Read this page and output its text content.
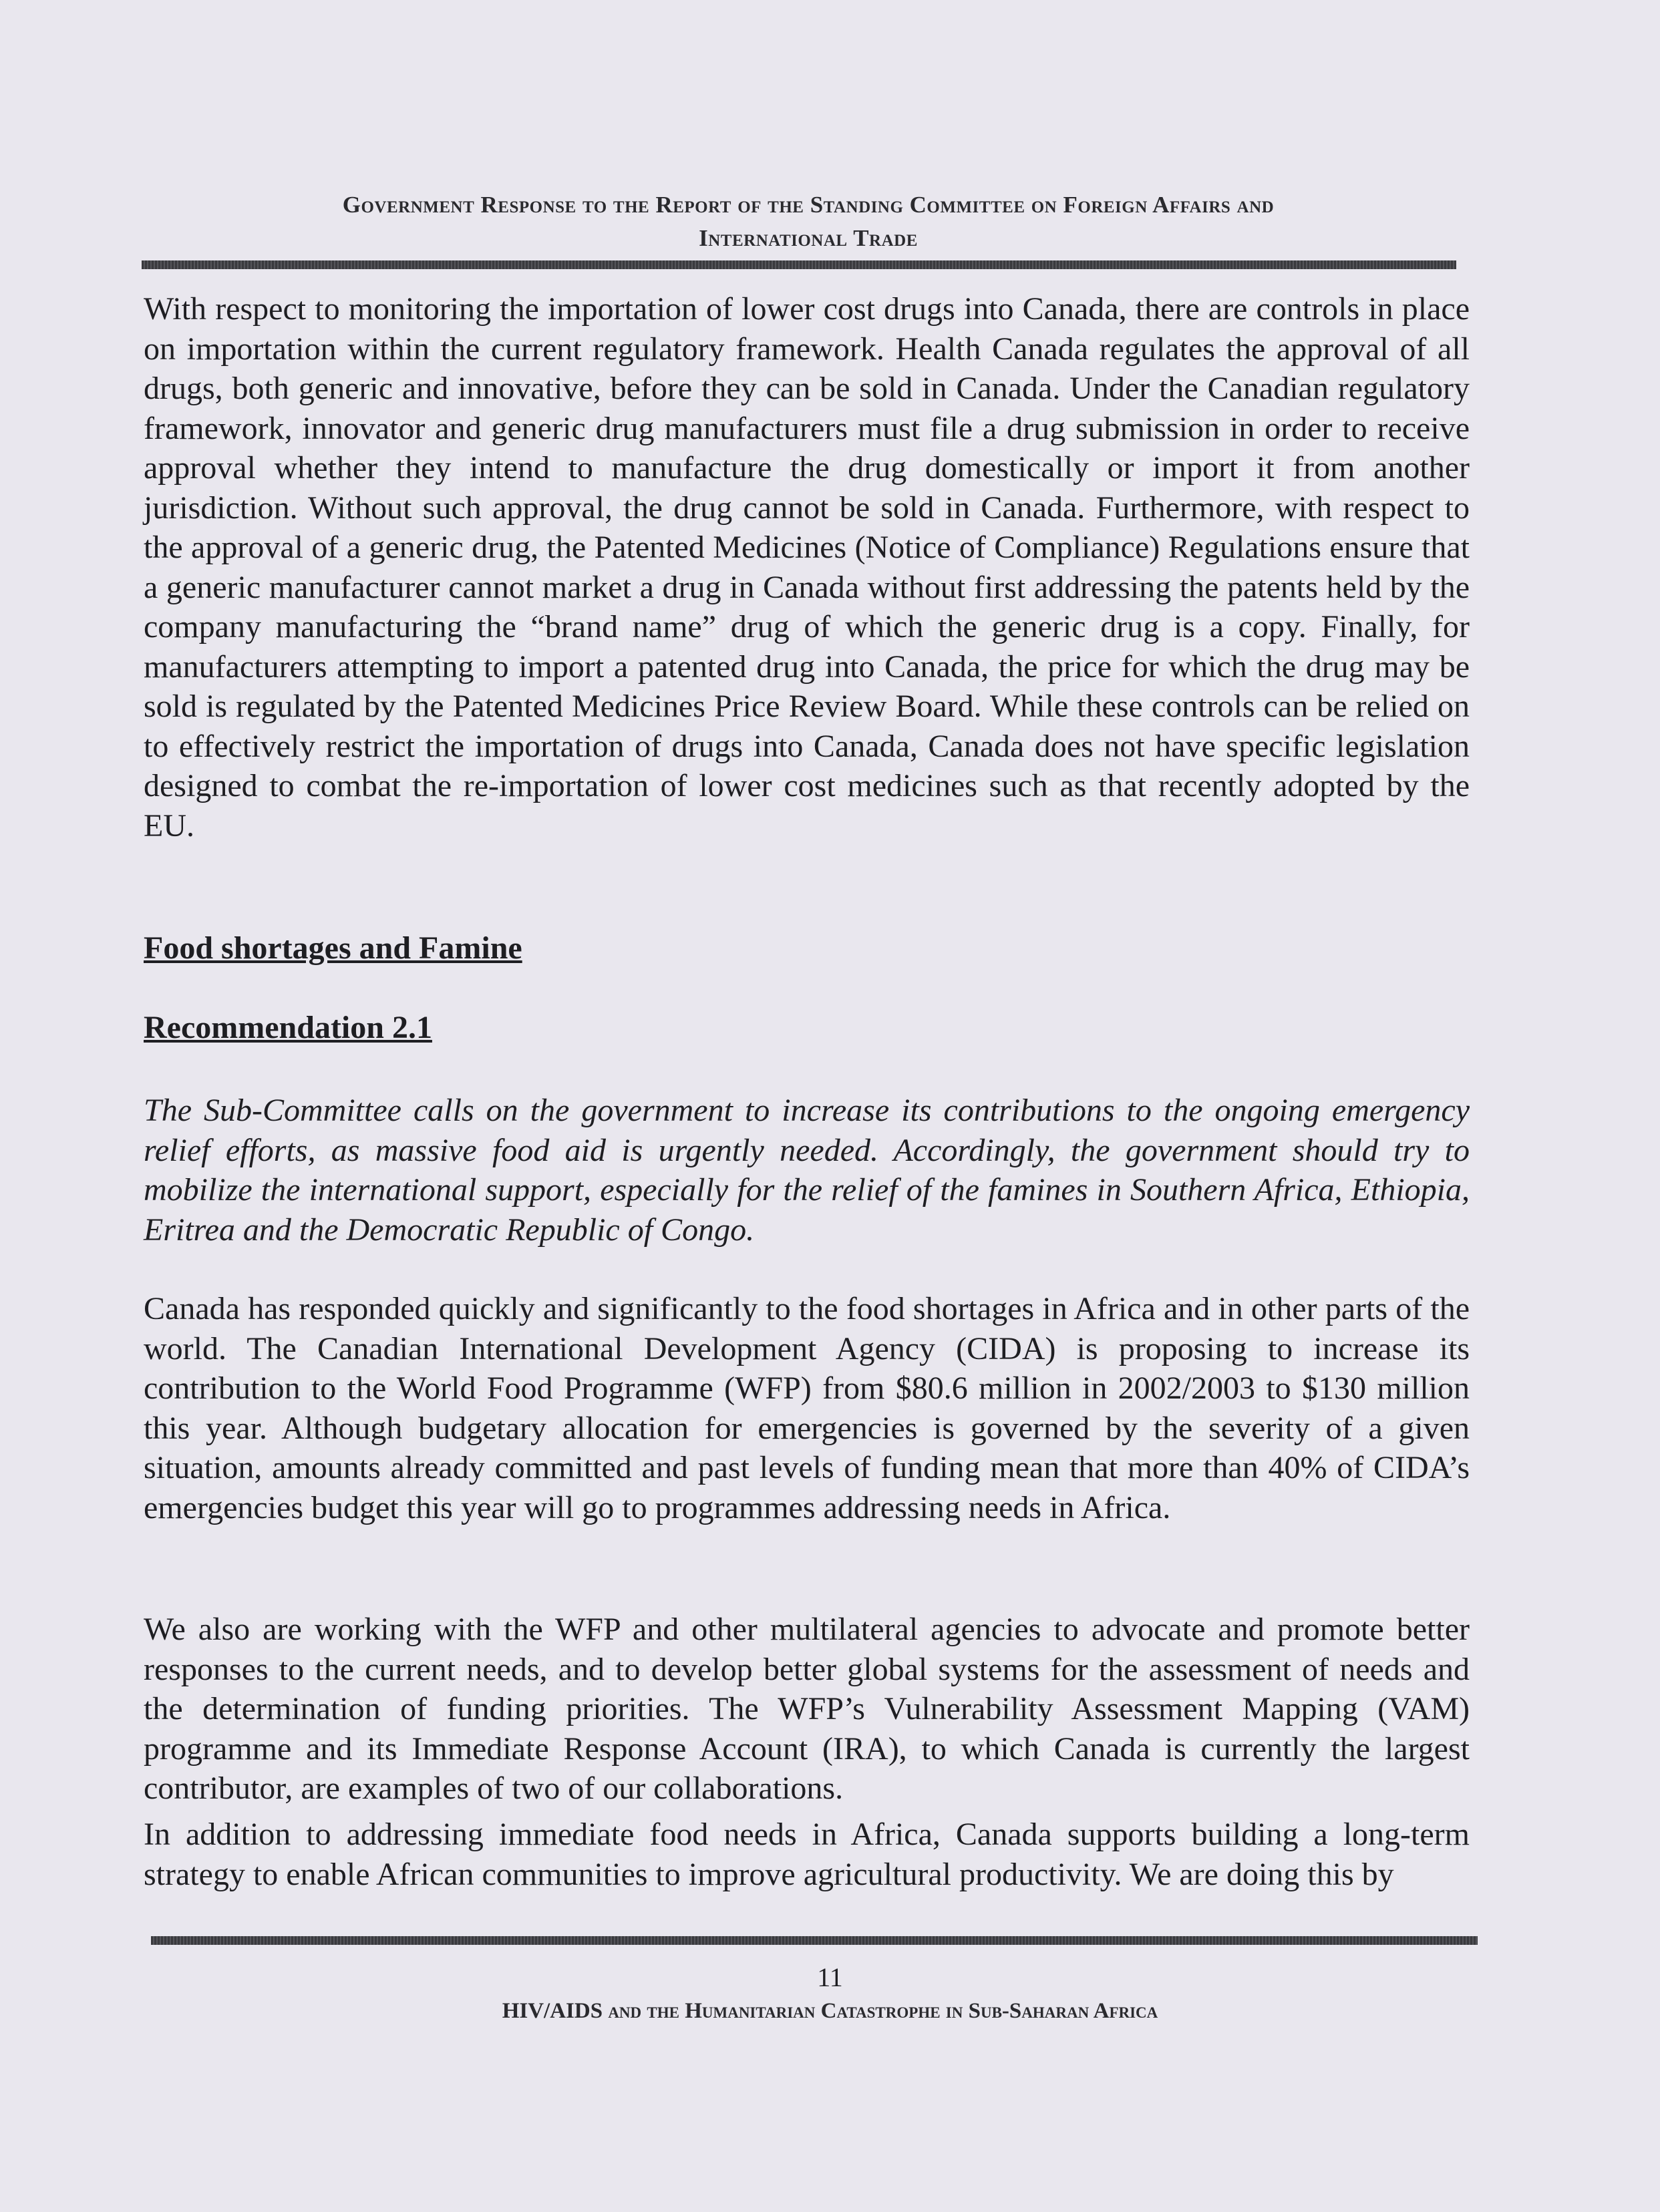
Government Response to the Report of the Standing Committee on Foreign Affairs and
International Trade

With respect to monitoring the importation of lower cost drugs into Canada, there are controls in place on importation within the current regulatory framework. Health Canada regulates the approval of all drugs, both generic and innovative, before they can be sold in Canada. Under the Canadian regulatory framework, innovator and generic drug manufacturers must file a drug submission in order to receive approval whether they intend to manufacture the drug domestically or import it from another jurisdiction. Without such approval, the drug cannot be sold in Canada. Furthermore, with respect to the approval of a generic drug, the Patented Medicines (Notice of Compliance) Regulations ensure that a generic manufacturer cannot market a drug in Canada without first addressing the patents held by the company manufacturing the “brand name” drug of which the generic drug is a copy. Finally, for manufacturers attempting to import a patented drug into Canada, the price for which the drug may be sold is regulated by the Patented Medicines Price Review Board. While these controls can be relied on to effectively restrict the importation of drugs into Canada, Canada does not have specific legislation designed to combat the re-importation of lower cost medicines such as that recently adopted by the EU.

Food shortages and Famine
Recommendation 2.1

The Sub-Committee calls on the government to increase its contributions to the ongoing emergency relief efforts, as massive food aid is urgently needed. Accordingly, the government should try to mobilize the international support, especially for the relief of the famines in Southern Africa, Ethiopia, Eritrea and the Democratic Republic of Congo.

Canada has responded quickly and significantly to the food shortages in Africa and in other parts of the world. The Canadian International Development Agency (CIDA) is proposing to increase its contribution to the World Food Programme (WFP) from $80.6 million in 2002/2003 to $130 million this year. Although budgetary allocation for emergencies is governed by the severity of a given situation, amounts already committed and past levels of funding mean that more than 40% of CIDA’s emergencies budget this year will go to programmes addressing needs in Africa.

We also are working with the WFP and other multilateral agencies to advocate and promote better responses to the current needs, and to develop better global systems for the assessment of needs and the determination of funding priorities. The WFP’s Vulnerability Assessment Mapping (VAM) programme and its Immediate Response Account (IRA), to which Canada is currently the largest contributor, are examples of two of our collaborations.

In addition to addressing immediate food needs in Africa, Canada supports building a long-term strategy to enable African communities to improve agricultural productivity. We are doing this by

11
HIV/AIDS and the Humanitarian Catastrophe in Sub-Saharan Africa
